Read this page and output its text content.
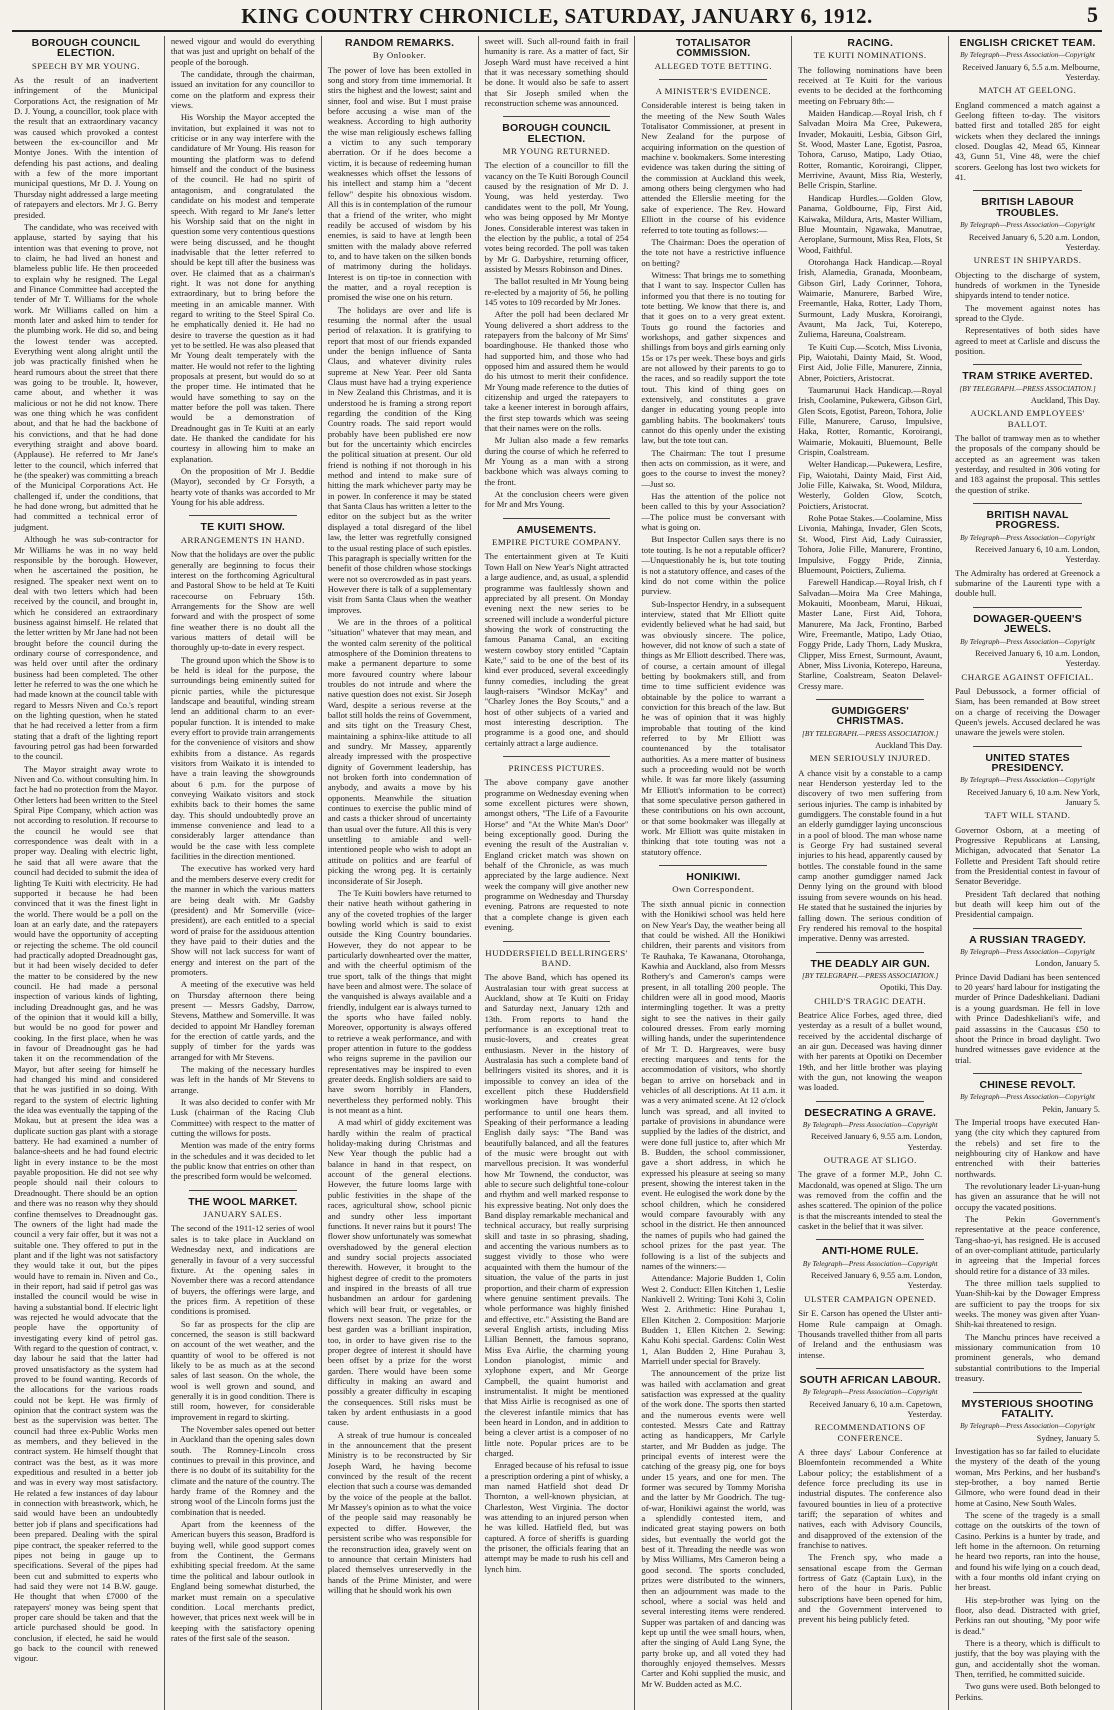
KING COUNTRY CHRONICLE, SATURDAY, JANUARY 6, 1912.	5
BOROUGH COUNCIL ELECTION.
SPEECH BY MR YOUNG.

As the result of an inadvertent infringement of the Municipal Corporations Act, the resignation of Mr D. J. Young, a councillor, took place with the result that an extraordinary vacancy was caused which provoked a contest between the ex-councillor and Mr Montye Jones. With the intention of defending his past actions, and dealing with a few of the more important municipal questions, Mr D. J. Young on Thursday night addressed a large meeting of ratepayers and electors. Mr J. G. Berry presided.

The candidate, who was received with applause, started by saying that his intention was that evening to prove, not to claim, he had lived an honest and blameless public life. He then proceeded to explain why he resigned. The Legal and Finance Committee had accepted the tender of Mr T. Williams for the whole work. Mr Williams called on him a month later and asked him to tender for the plumbing work. He did so, and being the lowest tender was accepted. Everything went along alright until the job was practically finished when he heard rumours about the street that there was going to be trouble. It, however, came about, and whether it was malicious or not he did not know. There was one thing which he was confident about, and that he had the backbone of his convictions, and that he had done everything straight and above board. (Applause). He referred to Mr Jane's letter to the council, which inferred that he (the speaker) was committing a breach of the Municipal Corporations Act. He challenged if, under the conditions, that he had done wrong, but admitted that he had committed a technical error of judgment.

Although he was sub-contractor for Mr Williams he was in no way held responsible by the borough. However, when he ascertained the position, he resigned. The speaker next went on to deal with two letters which had been received by the council, and brought in, which he considered an extraordinary business against himself. He related that the letter written by Mr Jane had not been brought before the council during the ordinary course of correspondence, and was held over until after the ordinary business had been completed. The other letter he referred to was the one which he had made known at the council table with regard to Messrs Niven and Co.'s report on the lighting question, when he stated that he had received a letter from a firm stating that a draft of the lighting report favouring petrol gas had been forwarded to the council.

The Mayor straight away wrote to Niven and Co. without consulting him. In fact he had no protection from the Mayor. Other letters had been written to the Steel Spiral Pipe Company, which action was not according to resolution. If recourse to the council he would see that correspondence was dealt with in a proper way. Dealing with electric light, he said that all were aware that the council had decided to submit the idea of lighting Te Kuiti with electricity. He had supported it because he had been convinced that it was the finest light in the world. There would be a poll on the loan at an early date, and the ratepayers would have the opportunity of accepting or rejecting the scheme. The old council had practically adopted Dreadnought gas, but it had been wisely decided to defer the matter to be considered by the new council. He had made a personal inspection of various kinds of lighting, including Dreadnought gas, and he was of the opinion that it would kill a billy, but would be no good for power and cooking. In the first place, when he was in favour of Dreadnought gas he had taken it on the recommendation of the Mayor, but after seeing for himself he had changed his mind and considered that he was justified in so doing. With regard to the system of electric lighting the idea was eventually the tapping of the Mokau, but at present the idea was a duplicate suction gas plant with a storage battery. He had examined a number of balance-sheets and he had found electric light in every instance to be the most payable proposition. He did not see why people should nail their colours to Dreadnought. There should be an option and there was no reason why they should confine themselves to Dreadnought gas. The owners of the light had made the council a very fair offer, but it was not a suitable one. They offered to put in the plant and if the light was not satisfactory they would take it out, but the pipes would have to remain in. Niven and Co., in their report, had said if petrol gas was installed the council would be wise in having a substantial bond. If electric light was rejected he would advocate that the people have the opportunity of investigating every kind of petrol gas. With regard to the question of contract, v. day labour he said that the latter had proved unsatisfactory as the system had proved to be found wanting. Records of the allocations for the various roads could not be kept. He was firmly of opinion that the contract system was the best as the supervision was better. The council had three ex-Public Works men as members, and they believed in the contract system. He himself thought that contract was the best, as it was more expeditious and resulted in a better job and was in every way most satisfactory. He related a few instances of day labour in connection with breastwork, which, he said would have been an undoubtedly better job if plans and specifications had been prepared. Dealing with the spiral pipe contract, the speaker referred to the pipes not being in gauge up to specifications. Several of the pipes had been cut and submitted to experts who had said they were not 14 B.W. gauge. He thought that when £7000 of the ratepayers' money was being spent that proper care should be taken and that the article purchased should be good. In conclusion, if elected, he said he would go back to the council with renewed vigour.

newed vigour and would do everything that was just and upright on behalf of the people of the borough.

The candidate, through the chairman, issued an invitation for any councillor to come on the platform and express their views.

His Worship the Mayor accepted the invitation, but explained it was not to criticise or in any way interfere with the candidature of Mr Young. His reason for mounting the platform was to defend himself and the conduct of the business of the council. He had no spirit of antagonism, and congratulated the candidate on his modest and temperate speech. With regard to Mr Jane's letter his Worship said that on the night in question some very contentious questions were being discussed, and he thought inadvisable that the letter referred to should be kept till after the business was over. He claimed that as a chairman's right. It was not done for anything extraordinary, but to bring before the meeting in an amicable manner. With regard to writing to the Steel Spiral Co. he emphatically denied it. He had no desire to traverse the question as it had yet to be settled. He was also pleased that Mr Young dealt temperately with the matter. He would not refer to the lighting proposals at present, but would do so at the proper time. He intimated that he would have something to say on the matter before the poll was taken. There would be a demonstration of Dreadnought gas in Te Kuiti at an early date. He thanked the candidate for his courtesy in allowing him to make an explanation.

On the proposition of Mr J. Beddie (Mayor), seconded by Cr Forsyth, a hearty vote of thanks was accorded to Mr Young for his able address.

TE KUITI SHOW.
ARRANGEMENTS IN HAND.

Now that the holidays are over the public generally are beginning to focus their interest on the forthcoming Agricultural and Pastoral Show to be held at Te Kuiti racecourse on February 15th. Arrangements for the Show are well forward and with the prospect of some fine weather there is no doubt all the various matters of detail will be thoroughly up-to-date in every respect.

The ground upon which the Show is to be held is ideal for the purpose, the surroundings being eminently suited for picnic parties, while the picturesque landscape and beautiful, winding stream lend an additional charm to an ever-popular function. It is intended to make every effort to provide train arrangements for the convenience of visitors and show exhibits from a distance. As regards visitors from Waikato it is intended to have a train leaving the showgrounds about 6 p.m. for the purpose of conveying Waikato visitors and stock exhibits back to their homes the same day. This should undoubtedly prove an immense convenience and lead to a considerably larger attendance than would be the case with less complete facilities in the direction mentioned.

The executive has worked very hard and the members deserve every credit for the manner in which the various matters are being dealt with. Mr Gadsby (president) and Mr Somerville (vice-president), are each entitled to a special word of praise for the assiduous attention they have paid to their duties and the Show will not lack success for want of energy and interest on the part of the promoters.

A meeting of the executive was held on Thursday afternoon there being present — Messrs Gadsby, Darrow, Stevens, Matthew and Somerville. It was decided to appoint Mr Handley foreman for the erection of cattle yards, and the supply of timber for the yards was arranged for with Mr Stevens.

The making of the necessary hurdles was left in the hands of Mr Stevens to arrange.

It was also decided to confer with Mr Lusk (chairman of the Racing Club Committee) with respect to the matter of cutting the willows for posts.

Mention was made of the entry forms in the schedules and it was decided to let the public know that entries on other than the prescribed form would be welcomed.

THE WOOL MARKET.
JANUARY SALES.

The second of the 1911-12 series of wool sales is to take place in Auckland on Wednesday next, and indications are generally in favour of a very successful fixture. At the opening sales in November there was a record attendance of buyers, the offerings were large, and the prices firm. A repetition of these conditions is promised.

So far as prospects for the clip are concerned, the season is still backward on account of the wet weather, and the quantity of wool to be offered is not likely to be as much as at the second sales of last season. On the whole, the wool is well grown and sound, and generally it is in good condition. There is still room, however, for considerable improvement in regard to skirting.

The November sales opened out better in Auckland than the opening sales down south. The Romney-Lincoln cross continues to prevail in this province, and there is no doubt of its suitability for the climate and the nature of the country. The hardy frame of the Romney and the strong wool of the Lincoln forms just the combination that is needed.

Apart from the keenness of the American buyers this season, Bradford is buying well, while good support comes from the Continent, the Germans exhibiting special freedom. At the same time the political and labour outlook in England being somewhat disturbed, the market must remain on a speculative condition. Local merchants predict, however, that prices next week will be in keeping with the satisfactory opening rates of the first sale of the season.

RANDOM REMARKS.
By Onlooker.

The power of love has been extolled in song and story from time immemorial. It stirs the highest and the lowest; saint and sinner, fool and wise. But I must praise before accusing a wise man of the weakness. According to high authority the wise man religiously eschews falling a victim to any such temporary aberration. Or if he does become a victim, it is because of redeeming human weaknesses which offset the lessons of his intellect and stamp him a "decent fellow" despite his obnoxious wisdom. All this is in contemplation of the rumour that a friend of the writer, who might readily be accused of wisdom by his enemies, is said to have at length been smitten with the malady above referred to, and to have taken on the silken bonds of matrimony during the holidays. Interest is on tip-toe in connection with the matter, and a royal reception is promised the wise one on his return.

The holidays are over and life is resuming the normal after the usual period of relaxation. It is gratifying to report that most of our friends expanded under the benign influence of Santa Claus, and whatever divinity rules supreme at New Year. Peer old Santa Claus must have had a trying experience in New Zealand this Christmas, and it is understood he is framing a strong report regarding the condition of the King Country roads. The said report would probably have been published ere now but for the uncertainty which encircles the political situation at present. Our old friend is nothing if not thorough in his method and intend to make sure of hitting the mark whichever party may be in power. In conference it may be stated that Santa Claus has written a letter to the editor on the subject but as the writer displayed a total disregard of the libel law, the letter was regretfully consigned to the usual resting place of such epistles. This paragraph is specially written for the benefit of those children whose stockings were not so overcrowded as in past years. However there is talk of a supplementary visit from Santa Claus when the weather improves.

We are in the throes of a political "situation" whatever that may mean, and the wonted calm serenity of the political atmosphere of the Dominion threatens to make a permanent departure to some more favoured country where labour troubles do not intrude and where the native question does not exist. Sir Joseph Ward, despite a serious reverse at the ballot still holds the reins of Government, and sits tight on the Treasury Chest, maintaining a sphinx-like attitude to all and sundry. Mr Massey, apparently already impressed with the prospective dignity of Government leadership, has not broken forth into condemnation of anybody, and awaits a move by his opponents. Meanwhile the situation continues to exercise the public mind of and casts a thicker shroud of uncertainty than usual over the future. All this is very unsettling to amiable and well-intentioned people who wish to adopt an attitude on politics and are fearful of picking the wrong peg. It is certainly inconsiderate of Sir Joseph.

The Te Kuiti bowlers have returned to their native heath without gathering in any of the coveted trophies of the larger bowling world which is said to exist outside the King Country boundaries. However, they do not appear to be particularly downhearted over the matter, and with the cheerful optimism of the true sport, talk of the things that might have been and almost were. The solace of the vanquished is always available and a friendly, indulgent ear is always turned to the sports who have failed nobly. Moreover, opportunity is always offered to retrieve a weak performance, and with proper attention in future to the goddess who reigns supreme in the pavilion our representatives may be inspired to even greater deeds. English soldiers are said to have sworn horribly in Flanders, nevertheless they performed nobly. This is not meant as a hint.

A mad whirl of giddy excitement was hardly within the realm of practical holiday-making during Christmas and New Year though the public had a balance in hand in that respect, on account of the general elections. However, the future looms large with public festivities in the shape of the races, agricultural show, school picnic and sundry other less important functions. It never rains but it pours! The flower show unfortunately was somewhat overshadowed by the general election and sundry social projects associated therewith. However, it brought to the highest degree of credit to the promoters and inspired in the breasts of all true husbandmen an ardour for gardening which will bear fruit, or vegetables, or flowers next season. The prize for the best garden was a brilliant inspiration, too, in order to have given rise to the proper degree of interest it should have been offset by a prize for the worst garden. There would have been some difficulty in making an award and possibly a greater difficulty in escaping the consequences. Still risks must be taken by ardent enthusiasts in a good cause.

A streak of true humour is concealed in the announcement that the present Ministry is to be reconstructed by Sir Joseph Ward, he having become convinced by the result of the recent election that such a course was demanded by the voice of the people at the ballot. Mr Massey's opinion as to what the voice of the people said may reasonably be expected to differ. However, the persistent scribe who was responsible for the reconstruction idea, gravely went on to announce that certain Ministers had placed themselves unreservedly in the hands of the Prime Minister, and were willing that he should work his own

sweet will. Such all-round faith in frail humanity is rare. As a matter of fact, Sir Joseph Ward must have received a hint that it was necessary something should be done. It would also be safe to assert that Sir Joseph smiled when the reconstruction scheme was announced.

BOROUGH COUNCIL ELECTION.
MR YOUNG RETURNED.

The election of a councillor to fill the vacancy on the Te Kuiti Borough Council caused by the resignation of Mr D. J. Young, was held yesterday. Two candidates went to the poll, Mr Young, who was being opposed by Mr Montye Jones. Considerable interest was taken in the election by the public, a total of 254 votes being recorded. The poll was taken by Mr G. Darbyshire, returning officer, assisted by Messrs Robinson and Dines.

The ballot resulted in Mr Young being re-elected by a majority of 56, he polling 145 votes to 109 recorded by Mr Jones.

After the poll had been declared Mr Young delivered a short address to the ratepayers from the balcony of Mr Sims' boardinghouse. He thanked those who had supported him, and those who had opposed him and assured them he would do his utmost to merit their confidence. Mr Young made reference to the duties of citizenship and urged the ratepayers to take a keener interest in borough affairs, the first step towards which was seeing that their names were on the rolls.

Mr Julian also made a few remarks during the course of which he referred to Mr Young as a man with a strong backbone which was always coming to the front.

At the conclusion cheers were given for Mr and Mrs Young.

AMUSEMENTS.
EMPIRE PICTURE COMPANY.

The entertainment given at Te Kuiti Town Hall on New Year's Night attracted a large audience, and, as usual, a splendid programme was faultlessly shown and appreciated by all present. On Monday evening next the new series to be screened will include a wonderful picture showing the work of constructing the famous Panama Canal, an exciting western cowboy story entitled "Captain Kate," said to be one of the best of its kind ever produced, several exceedingly funny comedies, including the great laugh-raisers "Windsor McKay" and "Charley Jones the Boy Scouts," and a host of other subjects of a varied and most interesting description. The programme is a good one, and should certainly attract a large audience.

PRINCESS PICTURES.

The above company gave another programme on Wednesday evening when some excellent pictures were shown, amongst others, "The Life of a Favourite Horse" and "At the White Man's Door" being exceptionally good. During the evening the result of the Australian v. England cricket match was shown on behalf of the Chronicle, as was much appreciated by the large audience. Next week the company will give another new programme on Wednesday and Thursday evening. Patrons are requested to note that a complete change is given each evening.

HUDDERSFIELD BELLRINGERS' BAND.

The above Band, which has opened its Australasian tour with great success at Auckland, show at Te Kuiti on Friday and Saturday next, January 12th and 13th. From reports to hand the performance is an exceptional treat to music-lovers, and creates great enthusiasm. Never in the history of Australasia has such a complete band of bellringers visited its shores, and it is impossible to convey an idea of the excellent pitch these Huddersfield workingmen have brought their performance to until one hears them. Speaking of their performance a leading English daily says: "The Band was beautifully balanced, and all the features of the music were brought out with marvellous precision. It was wonderful how Mr Townend, the conductor, was able to secure such delightful tone-colour and rhythm and well marked response to his expressive beating. Not only does the Band display remarkable mechanical and technical accuracy, but really surprising skill and taste in so phrasing, shading, and accenting the various numbers as to suggest vividly to those who were acquainted with them the humour of the situation, the value of the parts in just proportion, and their charm of expression where genuine sentiment prevails. The whole performance was highly finished and effective, etc." Assisting the Band are several English artists, including Miss Lillian Bennett, the famous soprano, Miss Eva Airlie, the charming young London pianologist, mimic and xylophone expert, and Mr George Campbell, the quaint humorist and instrumentalist. It might be mentioned that Miss Airlie is recognised as one of the cleverest infantile mimics that has been heard in London, and in addition to being a clever artist is a composer of no little note. Popular prices are to be charged.

Enraged because of his refusal to issue a prescription ordering a pint of whisky, a man named Hatfield shot dead Dr Thornton, a well-known physician, at Charleston, West Virginia. The doctor was attending to an injured person when he was killed. Hatfield fled, but was captured. A force of sheriffs is guarding the prisoner, the officials fearing that an attempt may be made to rush his cell and lynch him.

TOTALISATOR COMMISSION.
ALLEGED TOTE BETTING.
A MINISTER'S EVIDENCE.

Considerable interest is being taken in the meeting of the New South Wales Totalisator Commissioner, at present in New Zealand for the purpose of acquiring information on the question of machine v. bookmakers. Some interesting evidence was taken during the sitting of the commission at Auckland this week, among others being clergymen who had attended the Ellerslie meeting for the sake of experience. The Rev. Howard Elliott in the course of his evidence referred to tote touting as follows:—

The Chairman: Does the operation of the tote not have a restrictive influence on betting?

Witness: That brings me to something that I want to say. Inspector Cullen has informed you that there is no touting for tote betting. We know that there is, and that it goes on to a very great extent. Touts go round the factories and workshops, and gather sixpences and shillings from boys and girls earning only 15s or 17s per week. These boys and girls are not allowed by their parents to go to the races, and so readily support the tote tout. This kind of thing goes on extensively, and constitutes a grave danger in educating young people into gambling habits. The bookmakers' touts cannot do this openly under the existing law, but the tote tout can.

The Chairman: The tout I presume then acts on commission, as it were, and goes to the course to invest the money?—Just so.

Has the attention of the police not been called to this by your Association?—The police must be conversant with what is going on.

But Inspector Cullen says there is no tote touting. Is he not a reputable officer?—Unquestionably he is, but tote touting is not a statutory offence, and cases of the kind do not come within the police purview.

Sub-Inspector Hendry, in a subsequent interview, stated that Mr Elliott quite evidently believed what he had said, but was obviously sincere. The police, however, did not know of such a state of things as Mr Elliott described. There was, of course, a certain amount of illegal betting by bookmakers still, and from time to time sufficient evidence was obtainable by the police to warrant a conviction for this breach of the law. But he was of opinion that it was highly improbable that touting of the kind referred to by Mr Elliott was countenanced by the totalisator authorities. As a mere matter of business such a proceeding would not be worth while. It was far more likely (assuming Mr Elliott's information to be correct) that some speculative person gathered in these contributions on his own account, or that some bookmaker was illegally at work. Mr Elliott was quite mistaken in thinking that tote touting was not a statutory offence.

HONIKIWI.
Own Correspondent.

The sixth annual picnic in connection with the Honikiwi school was held here on New Year's Day, the weather being all that could be wished. All the Honikiwi children, their parents and visitors from Te Rauhaka, Te Kawanana, Otorohanga, Kawhia and Auckland, also from Messrs Rothery's and Cameron's camps were present, in all totalling 200 people. The children were all in good mood, Maoris intermingling together. It was a pretty sight to see the natives in their gaily coloured dresses. From early morning willing hands, under the superintendence of Mr T. D. Hargreaves, were busy erecting marquees and tents for the accommodation of visitors, who shortly began to arrive on horseback and in vehicles of all descriptions. At 11 a.m. it was a very animated scene. At 12 o'clock lunch was spread, and all invited to partake of provisions in abundance were supplied by the ladies of the district, and were done full justice to, after which Mr B. Budden, the school commissioner, gave a short address, in which he expressed his pleasure at seeing so many present, showing the interest taken in the event. He eulogised the work done by the school children, which he considered would compare favourably with any school in the district. He then announced the names of pupils who had gained the school prizes for the past year. The following is a list of the subjects and names of the winners:—

Attendance: Majorie Budden 1, Colin West 2. Conduct: Ellen Kitchen 1, Leslie Nankivell 2. Writing: Toni Kohi 3, Colin West 2. Arithmetic: Hine Purahau 1, Ellen Kitchen 2. Composition: Marjorie Budden 1, Ellen Kitchen 2. Sewing: Kahu Kohi special. Gardens: Colin West 1, Alan Budden 2, Hine Purahau 3, Marriell under special for Bravely.

The announcement of the prize list was hailed with acclamation and great satisfaction was expressed at the quality of the work done. The sports then started and the numerous events were well contested. Messrs Cate and Rattray acting as handicappers, Mr Carlyle starter, and Mr Budden as judge. The principal events of interest were the catching of the greasy pig, one for boys under 15 years, and one for men. The former was secured by Tommy Morisha and the latter by Mr Goodrich. The tug-of-war, Honikiwi against the world, was a splendidly contested item, and indicated great staying powers on both sides, but eventually the world got the best of it. Threading the needle was won by Miss Williams, Mrs Cameron being a good second. The sports concluded, prizes were distributed to the winners, then an adjournment was made to the school, where a social was held and several interesting items were rendered. Supper was partaken of and dancing was kept up until the wee small hours, when, after the singing of Auld Lang Syne, the party broke up, and all voted they had thoroughly enjoyed themselves. Messrs Carter and Kohi supplied the music, and Mr W. Budden acted as M.C.

RACING.
TE KUITI NOMINATIONS.

The following nominations have been received at Te Kuiti for the various events to be decided at the forthcoming meeting on February 8th:—

Maiden Handicap.—Royal Irish, ch f Salvadan Moira Ma Cree, Pukewera, Invader, Mokauiti, Lesbia, Gibson Girl, St. Wood, Master Lane, Egotist, Pasroa, Tohora, Caruso, Matipo, Lady Otiao, Rotter, Romantic, Koroirangi, Clipper, Merrivine, Avaunt, Miss Ria, Westerly, Belle Crispin, Starline.

Handicap Hurdles.—Golden Glow, Panama, Goldbourne, Fip, First Aid, Kaiwaka, Mildura, Arts, Master William, Blue Mountain, Ngawaka, Manutrae, Aeroplane, Surmount, Miss Rea, Flots, St Wood, Faithful.

Otorohanga Hack Handicap.—Royal Irish, Alamedia, Granada, Moonbeam, Gibson Girl, Lady Corinner, Tohora, Waimarie, Manurere, Barbed Wire, Freemantle, Haka, Rotter, Lady Thorn, Surmount, Lady Muskra, Koroirangi, Avaunt, Ma Jack, Tui, Koterepo, Zuliema, Hareuna, Coalstream.

Te Kuiti Cup.—Scotch, Miss Livonia, Pip, Waiotahi, Dainty Maid, St. Wood, First Aid, Jolie Fille, Manurere, Zinnia, Abner, Poictiers, Aristocrat.

Taumarunui Hack Handicap.—Royal Irish, Coolamine, Pukewera, Gibson Girl, Glen Scots, Egotist, Pareon, Tohora, Jolie Fille, Manurere, Caruso, Impulsive, Haka, Rotter, Romantic, Koroirangi, Waimarie, Mokauiti, Bluemount, Belle Crispin, Coalstream.

Welter Handicap.—Pukewera, Lesfire, Fip, Waiotahi, Dainty Maid, First Aid, Jolie Fille, Kaiwaka, St. Wood, Mildura, Westerly, Golden Glow, Scotch, Poictiers, Aristocrat.

Rohe Potae Stakes.—Coolamine, Miss Livonia, Mahinga, Invader, Glen Scots, St. Wood, First Aid, Lady Cuirassier, Tohora, Jolie Fille, Manurere, Frontino, Impulsive, Foggy Pride, Zinnia, Bluemount, Poictiers, Zuliema.

Farewell Handicap.—Royal Irish, ch f Salvadan—Moira Ma Cree Mahinga, Mokauiti, Moonbeam, Marui, Hikuai, Master Lane, First Aid, Tohora, Manurere, Ma Jack, Frontino, Barbed Wire, Freemantle, Matipo, Lady Otiao, Foggy Pride, Lady Thorn, Lady Muskra, Clipper, Miss Ernest, Surmount, Avaunt, Abner, Miss Livonia, Koterepo, Hareuna, Starline, Coalstream, Seaton Delavel-Cressy mare.

GUMDIGGERS' CHRISTMAS.
[BY TELEGRAPH.—PRESS ASSOCIATION.]
Auckland This Day.
MEN SERIOUSLY INJURED.

A chance visit by a constable to a camp near Henderson yesterday led to the discovery of two men suffering from serious injuries. The camp is inhabited by gumdiggers. The constable found in a hut an elderly gumdigger laying unconscious in a pool of blood. The man whose name is George Fry had sustained several injuries to his head, apparently caused by bottles. The constable found in the same camp another gumdigger named Jack Denny lying on the ground with blood issuing from severe wounds on his head. He stated that he sustained the injuries by falling down. The serious condition of Fry rendered his removal to the hospital imperative. Denny was arrested.

THE DEADLY AIR GUN.
[BY TELEGRAPH.—PRESS ASSOCIATION.]
Opotiki, This Day.
CHILD'S TRAGIC DEATH.

Beatrice Alice Forbes, aged three, died yesterday as a result of a bullet wound, received by the accidental discharge of an air gun. Deceased was having dinner with her parents at Opotiki on December 19th, and her little brother was playing with the gun, not knowing the weapon was loaded.

DESECRATING A GRAVE.
By Telegraph—Press Association—Copyright
Received January 6, 9.55 a.m. London, Yesterday.
OUTRAGE AT SLIGO.

The grave of a former M.P., John C. Macdonald, was opened at Sligo. The urn was removed from the coffin and the ashes scattered. The opinion of the police is that the miscreants intended to steal the casket in the belief that it was silver.

ANTI-HOME RULE.
By Telegraph—Press Association—Copyright
Received January 6, 9.55 a.m. London, Yesterday.
ULSTER CAMPAIGN OPENED.

Sir E. Carson has opened the Ulster anti-Home Rule campaign at Omagh. Thousands travelled thither from all parts of Ireland and the enthusiasm was intense.

SOUTH AFRICAN LABOUR.
By Telegraph—Press Association—Copyright
Received January 6, 10 a.m. Capetown, Yesterday.
RECOMMENDATIONS OF CONFERENCE.

A three days' Labour Conference at Bloemfontein recommended a White Labour policy; the establishment of a defence force precluding its use in industrial disputes. The conference also favoured bounties in lieu of a protective tariff; the separation of whites and natives, each with Advisory Councils, and disapproved of the extension of the franchise to natives.

The French spy, who made a sensational escape from the German fortress of Gatz (Captain Lux), in the hero of the hour in Paris. Public subscriptions have been opened for him, and the Government intervened to prevent his being publicly feted.

ENGLISH CRICKET TEAM.
By Telegraph—Press Association—Copyright
Received January 6, 5.5 a.m. Melbourne, Yesterday.
MATCH AT GEELONG.

England commenced a match against a Geelong fifteen to-day. The visitors batted first and totalled 285 for eight wickets when they declared the innings closed. Douglas 42, Mead 65, Kinnear 43, Gunn 51, Vine 48, were the chief scorers. Geelong has lost two wickets for 41.

BRITISH LABOUR TROUBLES.
By Telegraph—Press Association—Copyright
Received January 6, 5.20 a.m. London, Yesterday.
UNREST IN SHIPYARDS.

Objecting to the discharge of system, hundreds of workmen in the Tyneside shipyards intend to tender notice.

The movement against notes has spread to the Clyde.

Representatives of both sides have agreed to meet at Carlisle and discuss the position.

TRAM STRIKE AVERTED.
[BY TELEGRAPH.—PRESS ASSOCIATION.]
Auckland, This Day.
AUCKLAND EMPLOYEES' BALLOT.

The ballot of tramway men as to whether the proposals of the company should be accepted as an agreement was taken yesterday, and resulted in 306 voting for and 183 against the proposal. This settles the question of strike.

BRITISH NAVAL PROGRESS.
By Telegraph—Press Association—Copyright
Received January 6, 10 a.m. London, Yesterday.

The Admiralty has ordered at Greenock a submarine of the Laurenti type with a double hull.

DOWAGER-QUEEN'S JEWELS.
By Telegraph—Press Association—Copyright
Received January 6, 10 a.m. London, Yesterday.
CHARGE AGAINST OFFICIAL.

Paul Debussock, a former official of Siam, has been remanded at Bow street on a charge of receiving the Dowager Queen's jewels. Accused declared he was unaware the jewels were stolen.

UNITED STATES PRESIDENCY.
By Telegraph—Press Association—Copyright
Received January 6, 10 a.m. New York, January 5.
TAFT WILL STAND.

Governor Osborn, at a meeting of Progressive Republicans at Lansing, Michigan, advocated that Senator La Follette and President Taft should retire from the Presidential contest in favour of Senator Beveridge.

President Taft declared that nothing but death will keep him out of the Presidential campaign.

A RUSSIAN TRAGEDY.
By Telegraph—Press Association—Copyright
London, January 5.

Prince David Dadiani has been sentenced to 20 years' hard labour for instigating the murder of Prince Dadeshkeliani. Dadiani is a young guardsman. He fell in love with Prince Dadeshkeliani's wife, and paid assassins in the Caucasus £50 to shoot the Prince in broad daylight. Two hundred witnesses gave evidence at the trial.

CHINESE REVOLT.
By Telegraph—Press Association—Copyright
Pekin, January 5.

The Imperial troops have executed Han-yang (the city which they captured from the rebels) and set fire to the neighbouring city of Hankow and have entrenched with their batteries northwards.

The revolutionary leader Li-yuan-hung has given an assurance that he will not occupy the vacated positions.

The Pekin Government's representative at the peace conference, Tang-shao-yi, has resigned. He is accused of an over-compliant attitude, particularly in agreeing that the Imperial forces should retire for a distance of 33 miles.

The three million taels supplied to Yuan-Shih-kai by the Dowager Empress are sufficient to pay the troops for six weeks. The money was given after Yuan-Shih-kai threatened to resign.

The Manchu princes have received a missionary communication from 10 prominent generals, who demand substantial contributions to the Imperial treasury.

MYSTERIOUS SHOOTING FATALITY.
By Telegraph—Press Association—Copyright
Sydney, January 5.

Investigation has so far failed to elucidate the mystery of the death of the young woman, Mrs Perkins, and her husband's step-brother, a boy named Bertie Gilmore, who were found dead in their home at Casino, New South Wales.

The scene of the tragedy is a small cottage on the outskirts of the town of Casino. Perkins is a hunter by trade, and left home in the afternoon. On returning he heard two reports, ran into the house, and found his wife lying on a couch dead, with a four months old infant crying on her breast.

His step-brother was lying on the floor, also dead. Distracted with grief, Perkins ran out shouting, "My poor wife is dead."

There is a theory, which is difficult to justify, that the boy was playing with the gun, and accidentally shot the woman. Then, terrified, he committed suicide.

Two guns were used. Both belonged to Perkins.
